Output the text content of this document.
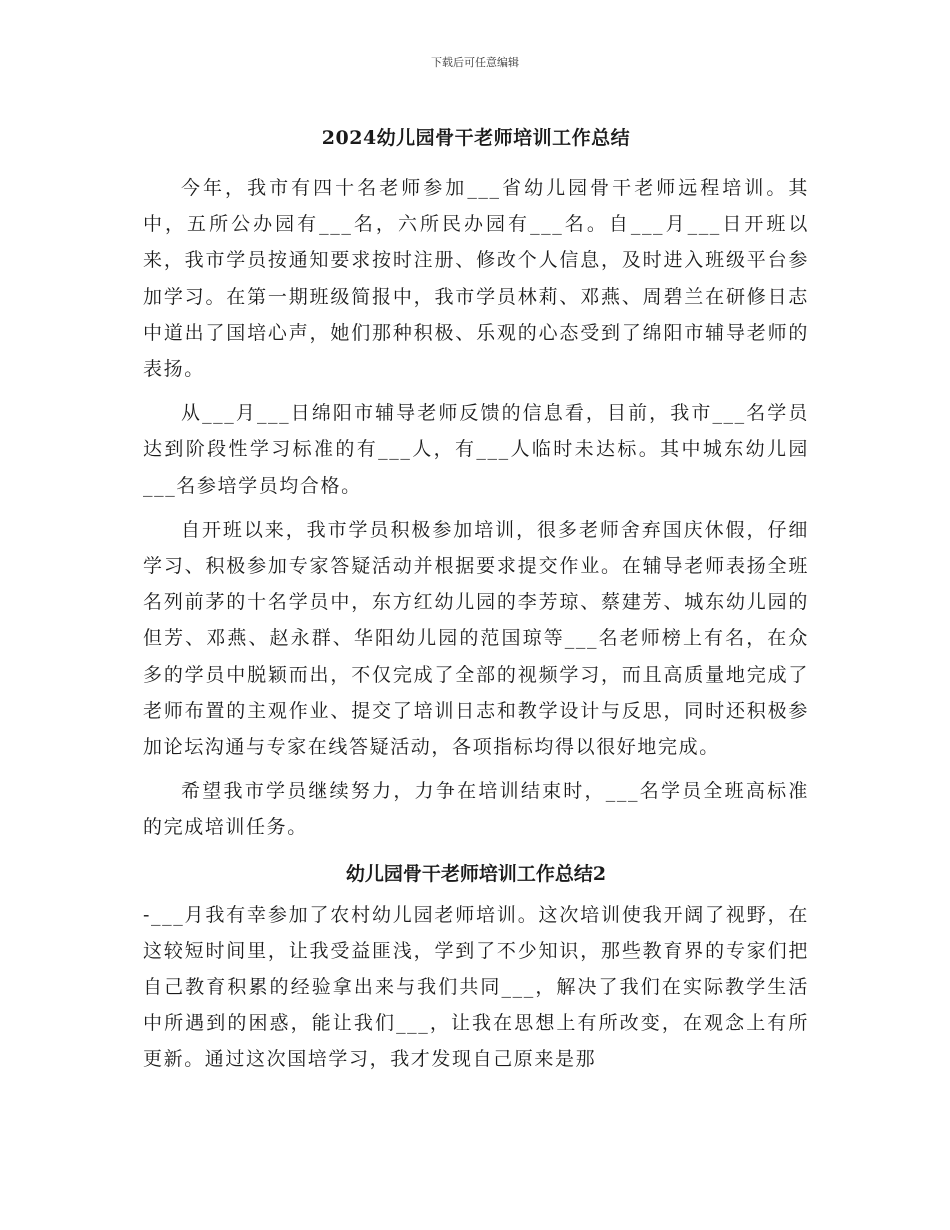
下载后可任意编辑
2024幼儿园骨干老师培训工作总结

今年，我市有四十名老师参加___省幼儿园骨干老师远程培训。其中，五所公办园有___名，六所民办园有___名。自___月___日开班以来，我市学员按通知要求按时注册、修改个人信息，及时进入班级平台参加学习。在第一期班级简报中，我市学员林莉、邓燕、周碧兰在研修日志中道出了国培心声，她们那种积极、乐观的心态受到了绵阳市辅导老师的表扬。

从___月___日绵阳市辅导老师反馈的信息看，目前，我市___名学员达到阶段性学习标准的有___人，有___人临时未达标。其中城东幼儿园___名参培学员均合格。

自开班以来，我市学员积极参加培训，很多老师舍弃国庆休假，仔细学习、积极参加专家答疑活动并根据要求提交作业。在辅导老师表扬全班名列前茅的十名学员中，东方红幼儿园的李芳琼、蔡建芳、城东幼儿园的但芳、邓燕、赵永群、华阳幼儿园的范国琼等___名老师榜上有名，在众多的学员中脱颖而出，不仅完成了全部的视频学习，而且高质量地完成了老师布置的主观作业、提交了培训日志和教学设计与反思，同时还积极参加论坛沟通与专家在线答疑活动，各项指标均得以很好地完成。

希望我市学员继续努力，力争在培训结束时，___名学员全班高标准的完成培训任务。

幼儿园骨干老师培训工作总结2

-___月我有幸参加了农村幼儿园老师培训。这次培训使我开阔了视野，在这较短时间里，让我受益匪浅，学到了不少知识，那些教育界的专家们把自己教育积累的经验拿出来与我们共同___，解决了我们在实际教学生活中所遇到的困惑，能让我们___，让我在思想上有所改变，在观念上有所更新。通过这次国培学习，我才发现自己原来是那
